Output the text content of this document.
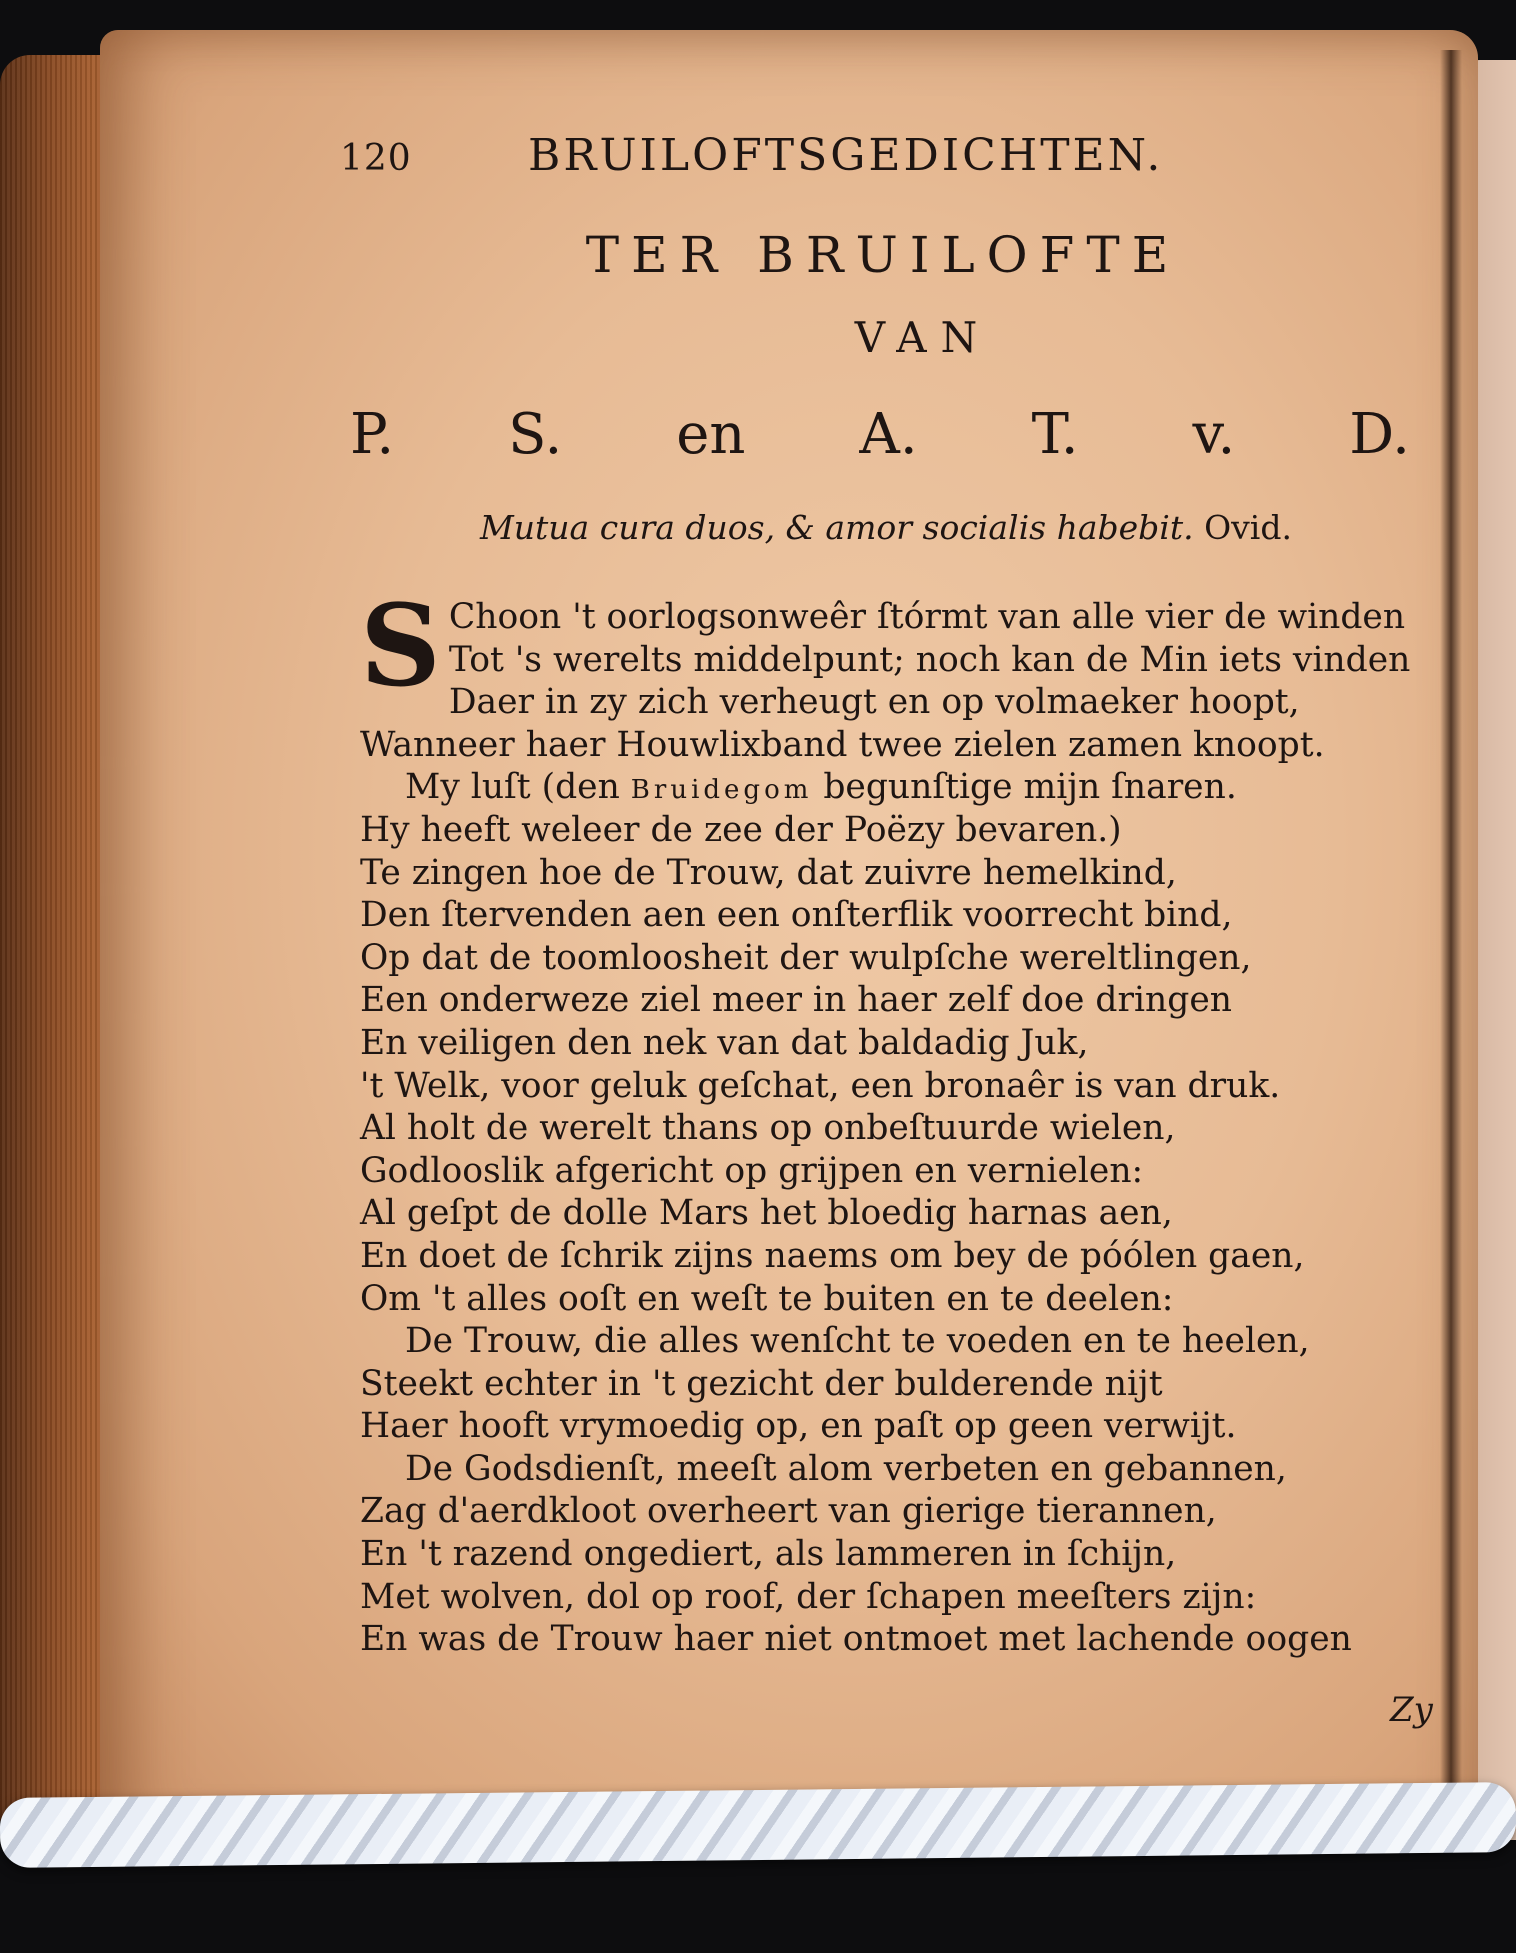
120	BRUILOFTSGEDICHTEN.
TER BRUILOFTE
VAN
P. S. en A. T. v. D.

Mutua cura duos, & amor socialis habebit. Ovid.

S Choon 't oorlogsonweêr ſtórmt van alle vier de winden
Tot 's werelts middelpunt; noch kan de Min iets vinden
Daer in zy zich verheugt en op volmaeker hoopt,
Wanneer haer Houwlixband twee zielen zamen knoopt.
My luſt (den Bruidegom begunſtige mijn ſnaren.
Hy heeft weleer de zee der Poëzy bevaren.)
Te zingen hoe de Trouw, dat zuivre hemelkind,
Den ſtervenden aen een onſterflik voorrecht bind,
Op dat de toomloosheit der wulpſche wereltlingen,
Een onderweze ziel meer in haer zelf doe dringen
En veiligen den nek van dat baldadig Juk,
't Welk, voor geluk geſchat, een bronaêr is van druk.
Al holt de werelt thans op onbeſtuurde wielen,
Godlooslik afgericht op grijpen en vernielen:
Al geſpt de dolle Mars het bloedig harnas aen,
En doet de ſchrik zijns naems om bey de póólen gaen,
Om 't alles ooſt en weſt te buiten en te deelen:
De Trouw, die alles wenſcht te voeden en te heelen,
Steekt echter in 't gezicht der bulderende nijt
Haer hooft vrymoedig op, en paſt op geen verwijt.
De Godsdienſt, meeſt alom verbeten en gebannen,
Zag d'aerdkloot overheert van gierige tierannen,
En 't razend ongediert, als lammeren in ſchijn,
Met wolven, dol op roof, der ſchapen meeſters zijn:
En was de Trouw haer niet ontmoet met lachende oogen

Zy
